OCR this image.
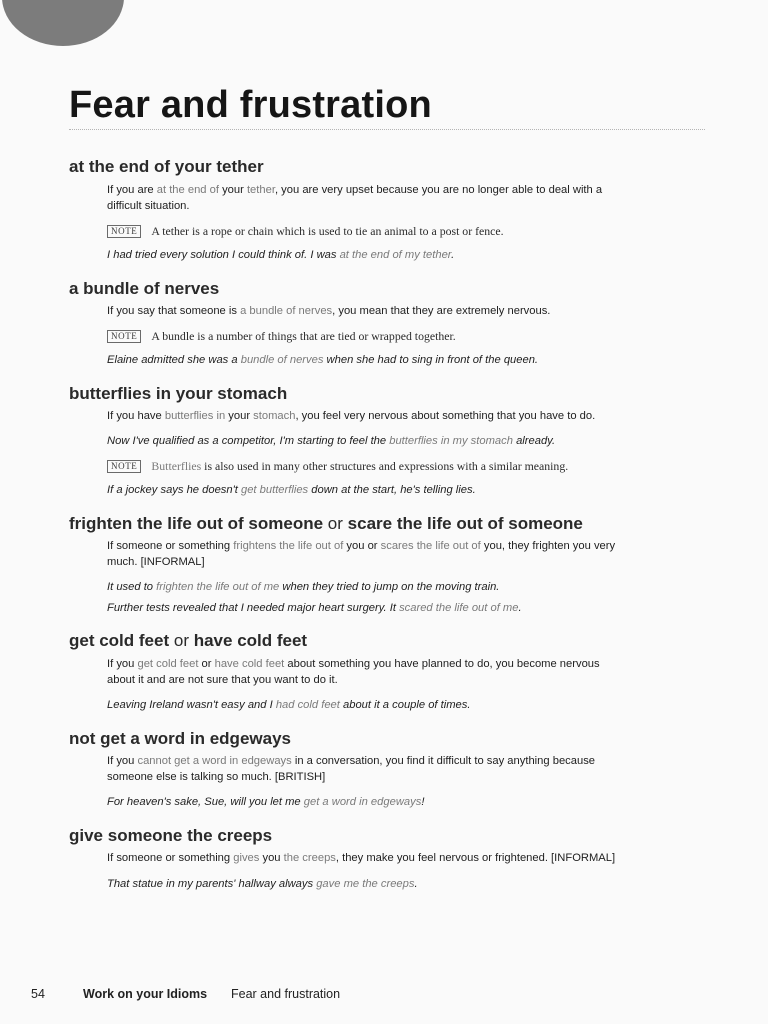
Fear and frustration
at the end of your tether

If you are at the end of your tether, you are very upset because you are no longer able to deal with a

difficult situation.

NOTE A tether is a rope or chain which is used to tie an animal to a post or fence.

I had tried every solution I could think of. I was at the end of my tether.

a bundle of nerves

If you say that someone is a bundle of nerves, you mean that they are extremely nervous.

NOTE A bundle is a number of things that are tied or wrapped together.

Elaine admitted she was a bundle of nerves when she had to sing in front of the queen.

butterflies in your stomach

If you have butterflies in your stomach, you feel very nervous about something that you have to do.

Now I've qualified as a competitor, I'm starting to feel the butterflies in my stomach already.

NOTE Butterflies is also used in many other structures and expressions with a similar meaning.

If a jockey says he doesn't get butterflies down at the start, he's telling lies.

frighten the life out of someone or scare the life out of someone

If someone or something frightens the life out of you or scares the life out of you, they frighten you very

much. [INFORMAL]

It used to frighten the life out of me when they tried to jump on the moving train.

Further tests revealed that I needed major heart surgery. It scared the life out of me.

get cold feet or have cold feet

If you get cold feet or have cold feet about something you have planned to do, you become nervous

about it and are not sure that you want to do it.

Leaving Ireland wasn't easy and I had cold feet about it a couple of times.

not get a word in edgeways

If you cannot get a word in edgeways in a conversation, you find it difficult to say anything because

someone else is talking so much. [BRITISH]

For heaven's sake, Sue, will you let me get a word in edgeways!

give someone the creeps

If someone or something gives you the creeps, they make you feel nervous or frightened. [INFORMAL]

That statue in my parents' hallway always gave me the creeps.

54	Work on your Idioms Fear and frustration
